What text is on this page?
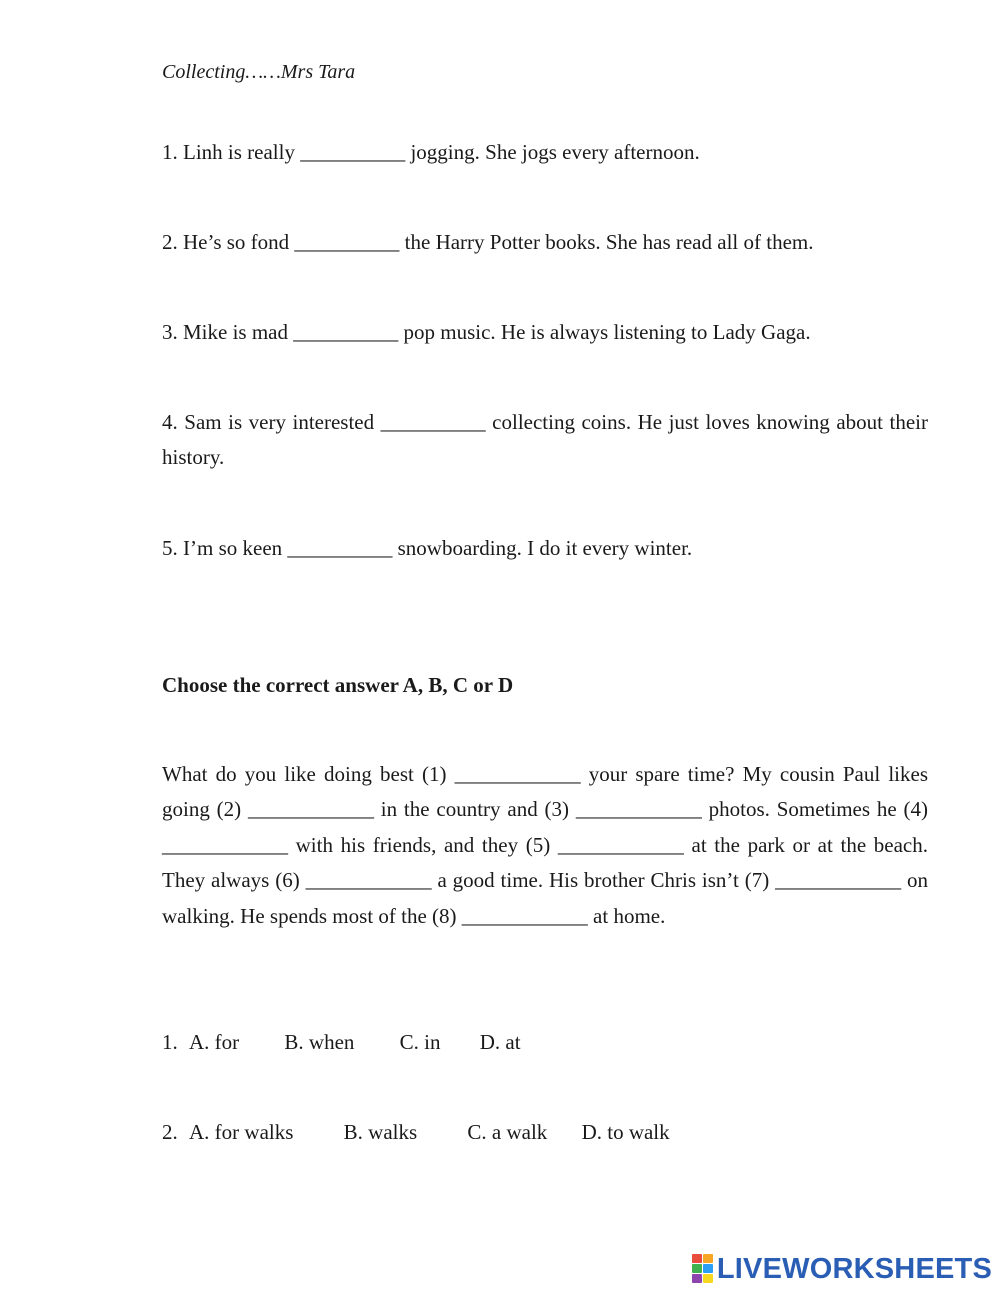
Collecting……Mrs Tara
1. Linh is really __________ jogging. She jogs every afternoon.
2. He’s so fond __________ the Harry Potter books. She has read all of them.
3. Mike is mad __________ pop music. He is always listening to Lady Gaga.
4. Sam is very interested __________ collecting coins. He just loves knowing about their history.
5. I’m so keen __________ snowboarding. I do it every winter.
Choose the correct answer A, B, C or D
What do you like doing best (1) ____________ your spare time? My cousin Paul likes going (2) ____________ in the country and (3) ____________ photos. Sometimes he (4) ____________ with his friends, and they (5) ____________ at the park or at the beach. They always (6) ____________ a good time. His brother Chris isn’t (7) ____________ on walking. He spends most of the (8) ____________ at home.
1. A. for B. when C. in D. at
2. A. for walks B. walks C. a walk D. to walk
LIVEWORKSHEETS
